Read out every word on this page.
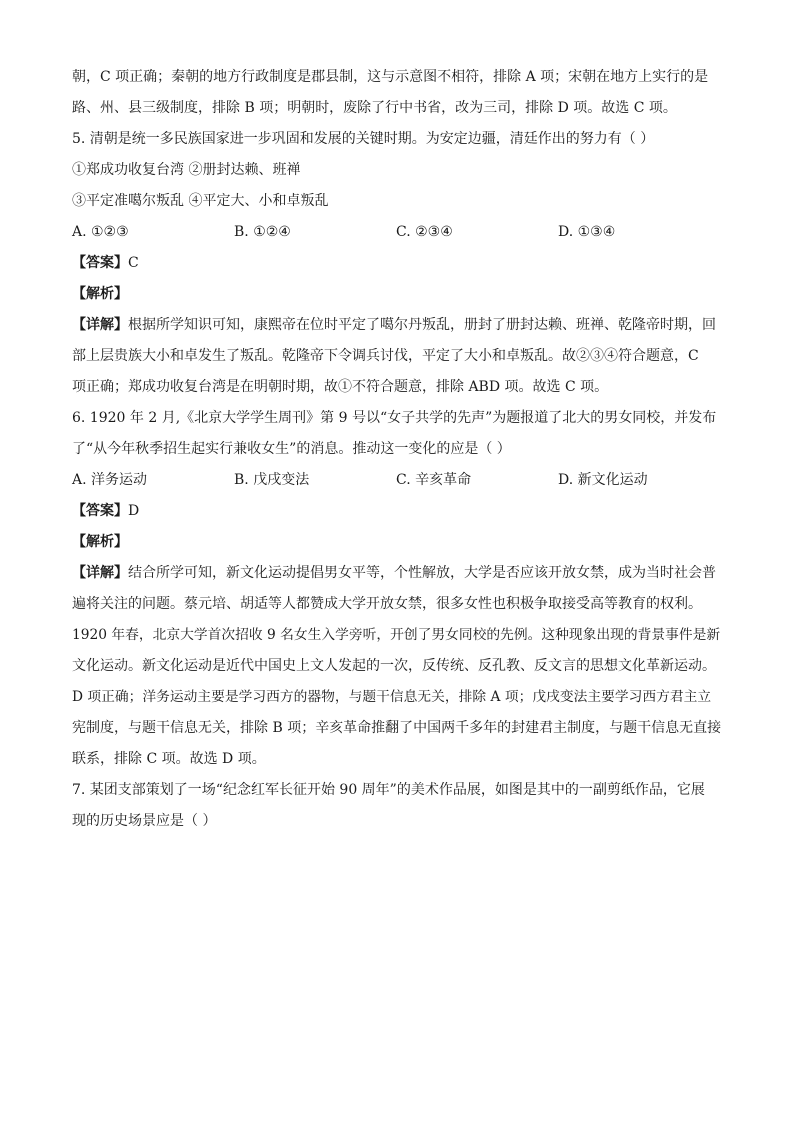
朝，C 项正确；秦朝的地方行政制度是郡县制，这与示意图不相符，排除 A 项；宋朝在地方上实行的是
路、州、县三级制度，排除 B 项；明朝时，废除了行中书省，改为三司，排除 D 项。故选 C 项。
5. 清朝是统一多民族国家进一步巩固和发展的关键时期。为安定边疆，清廷作出的努力有（ ）
①郑成功收复台湾 ②册封达赖、班禅
③平定准噶尔叛乱 ④平定大、小和卓叛乱
A. ①②③	B. ①②④	C. ②③④	D. ①③④
【答案】C
【解析】
【详解】根据所学知识可知，康熙帝在位时平定了噶尔丹叛乱，册封了册封达赖、班禅、乾隆帝时期，回
部上层贵族大小和卓发生了叛乱。乾隆帝下令调兵讨伐，平定了大小和卓叛乱。故②③④符合题意，C
项正确；郑成功收复台湾是在明朝时期，故①不符合题意，排除 ABD 项。故选 C 项。
6. 1920 年 2 月,《北京大学学生周刊》第 9 号以“女子共学的先声”为题报道了北大的男女同校，并发布
了“从今年秋季招生起实行兼收女生”的消息。推动这一变化的应是（ ）
A. 洋务运动	B. 戊戌变法	C. 辛亥革命	D. 新文化运动
【答案】D
【解析】
【详解】结合所学可知，新文化运动提倡男女平等，个性解放，大学是否应该开放女禁，成为当时社会普
遍将关注的问题。蔡元培、胡适等人都赞成大学开放女禁，很多女性也积极争取接受高等教育的权利。
1920 年春，北京大学首次招收 9 名女生入学旁听，开创了男女同校的先例。这种现象出现的背景事件是新
文化运动。新文化运动是近代中国史上文人发起的一次，反传统、反孔教、反文言的思想文化革新运动。
D 项正确；洋务运动主要是学习西方的器物，与题干信息无关，排除 A 项；戊戌变法主要学习西方君主立
宪制度，与题干信息无关，排除 B 项；辛亥革命推翻了中国两千多年的封建君主制度，与题干信息无直接
联系，排除 C 项。故选 D 项。
7. 某团支部策划了一场“纪念红军长征开始 90 周年”的美术作品展，如图是其中的一副剪纸作品，它展
现的历史场景应是（ ）
